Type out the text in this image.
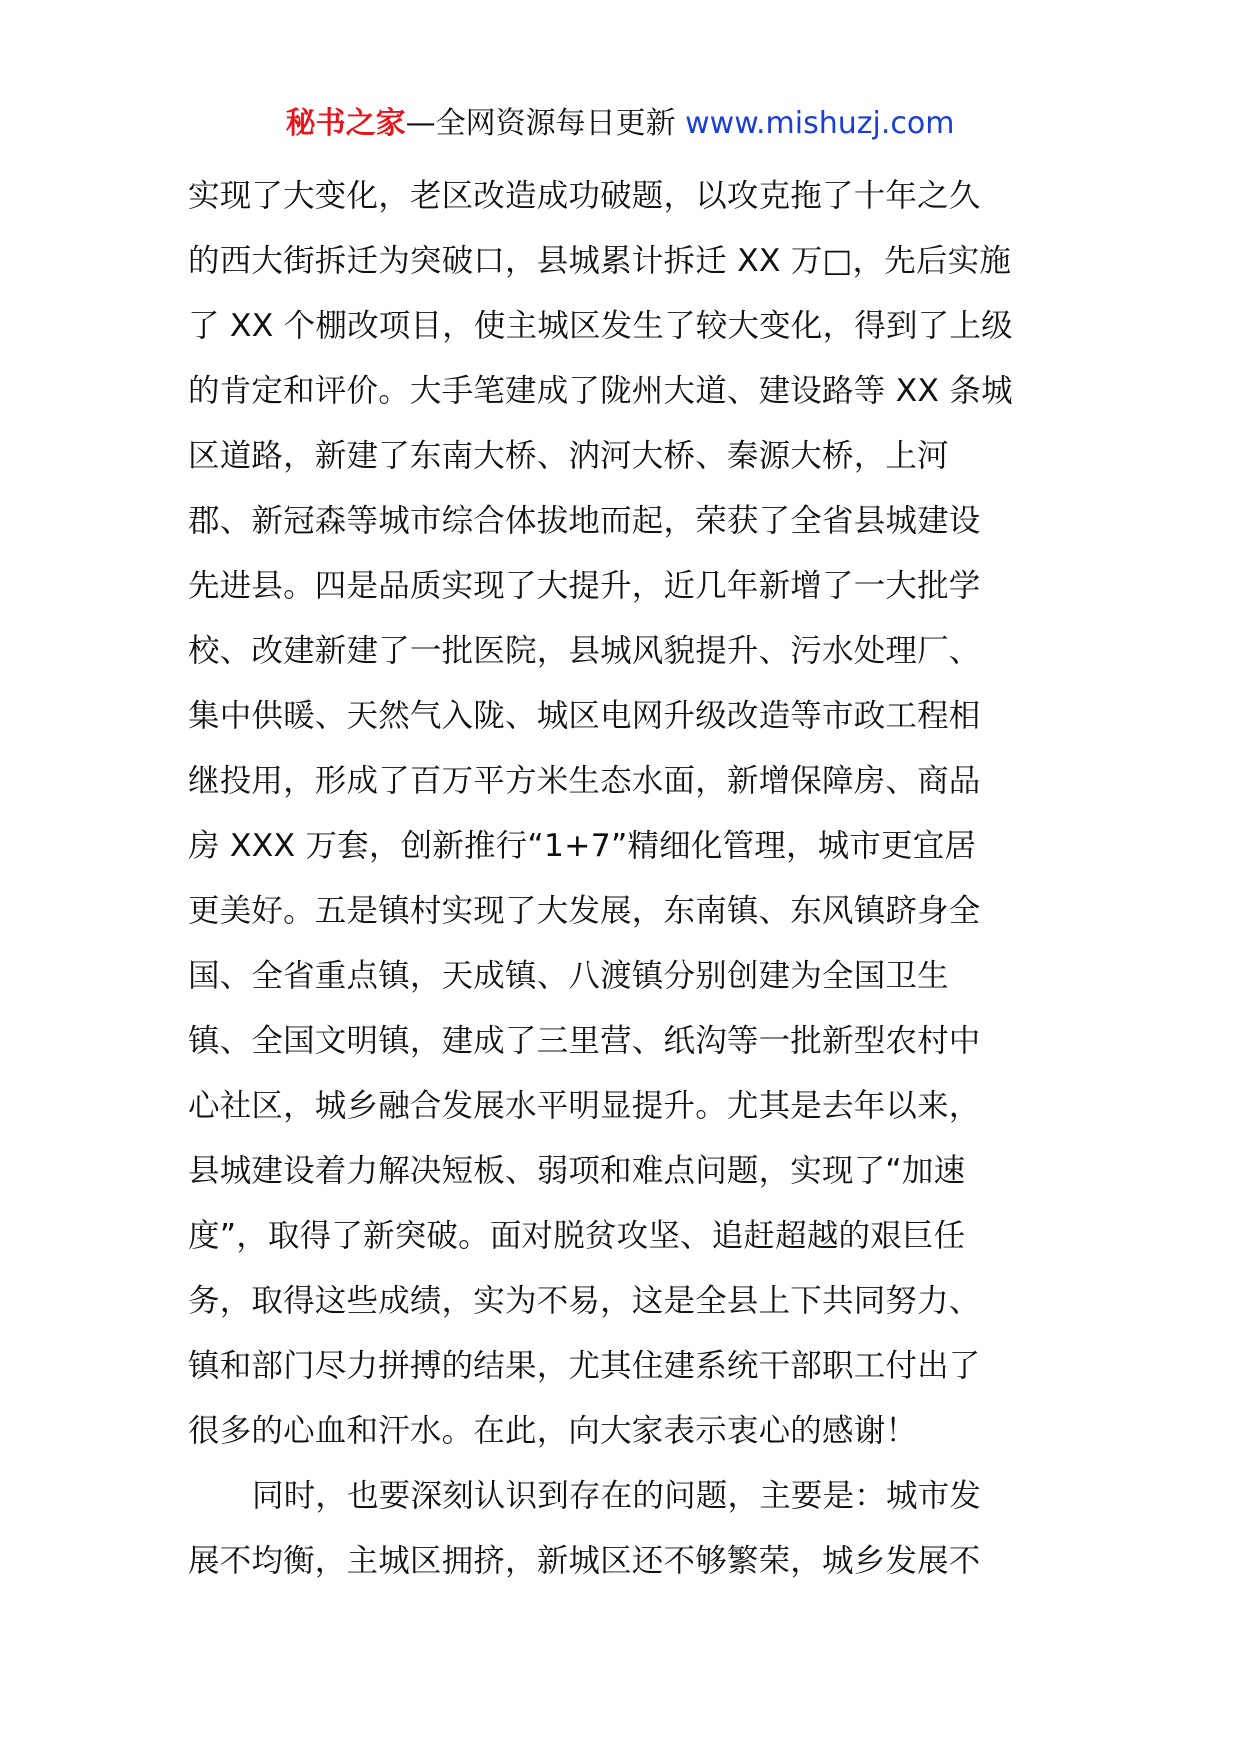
秘书之家—全网资源每日更新 www.mishuzj.com
实现了大变化，老区改造成功破题，以攻克拖了十年之久
的西大街拆迁为突破口，县城累计拆迁 XX 万□，先后实施
了 XX 个棚改项目，使主城区发生了较大变化，得到了上级
的肯定和评价。大手笔建成了陇州大道、建设路等 XX 条城
区道路，新建了东南大桥、汭河大桥、秦源大桥，上河
郡、新冠森等城市综合体拔地而起，荣获了全省县城建设
先进县。四是品质实现了大提升，近几年新增了一大批学
校、改建新建了一批医院，县城风貌提升、污水处理厂、
集中供暖、天然气入陇、城区电网升级改造等市政工程相
继投用，形成了百万平方米生态水面，新增保障房、商品
房 XXX 万套，创新推行“1+7”精细化管理，城市更宜居
更美好。五是镇村实现了大发展，东南镇、东风镇跻身全
国、全省重点镇，天成镇、八渡镇分别创建为全国卫生
镇、全国文明镇，建成了三里营、纸沟等一批新型农村中
心社区，城乡融合发展水平明显提升。尤其是去年以来，
县城建设着力解决短板、弱项和难点问题，实现了“加速
度”，取得了新突破。面对脱贫攻坚、追赶超越的艰巨任
务，取得这些成绩，实为不易，这是全县上下共同努力、
镇和部门尽力拼搏的结果，尤其住建系统干部职工付出了
很多的心血和汗水。在此，向大家表示衷心的感谢！
同时，也要深刻认识到存在的问题，主要是：城市发
展不均衡，主城区拥挤，新城区还不够繁荣，城乡发展不
